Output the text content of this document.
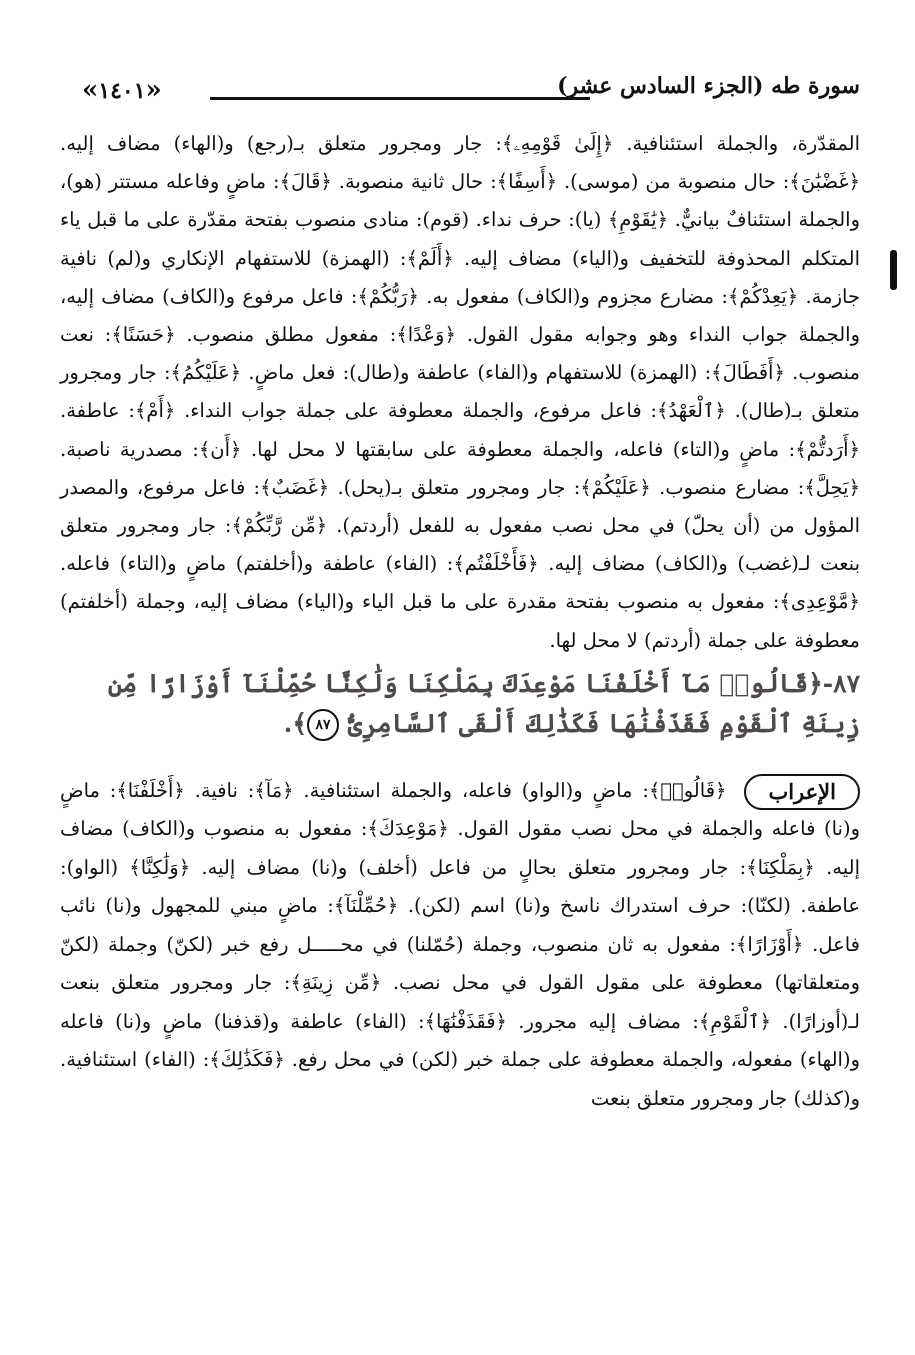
سورة طه (الجزء السادس عشر)
«١٤٠١»

المقدّرة، والجملة استئنافية. ﴿إِلَىٰ قَوْمِهِۦ﴾: جار ومجرور متعلق بـ(رجع) و(الهاء) مضاف إليه. ﴿غَضْبَٰنَ﴾: حال منصوبة من (موسى). ﴿أَسِفًا﴾: حال ثانية منصوبة. ﴿قَالَ﴾: ماضٍ وفاعله مستتر (هو)، والجملة استئنافٌ بيانيٌّ. ﴿يَٰقَوْمِ﴾ (يا): حرف نداء. (قوم): منادى منصوب بفتحة مقدّرة على ما قبل ياء المتكلم المحذوفة للتخفيف و(الياء) مضاف إليه. ﴿أَلَمْ﴾: (الهمزة) للاستفهام الإنكاري و(لم) نافية جازمة. ﴿يَعِدْكُمْ﴾: مضارع مجزوم و(الكاف) مفعول به. ﴿رَبُّكُمْ﴾: فاعل مرفوع و(الكاف) مضاف إليه، والجملة جواب النداء وهو وجوابه مقول القول. ﴿وَعْدًا﴾: مفعول مطلق منصوب. ﴿حَسَنًا﴾: نعت منصوب. ﴿أَفَطَالَ﴾: (الهمزة) للاستفهام و(الفاء) عاطفة و(طال): فعل ماضٍ. ﴿عَلَيْكُمُ﴾: جار ومجرور متعلق بـ(طال). ﴿ٱلْعَهْدُ﴾: فاعل مرفوع، والجملة معطوفة على جملة جواب النداء. ﴿أَمْ﴾: عاطفة. ﴿أَرَدتُّمْ﴾: ماضٍ و(التاء) فاعله، والجملة معطوفة على سابقتها لا محل لها. ﴿أَن﴾: مصدرية ناصبة. ﴿يَحِلَّ﴾: مضارع منصوب. ﴿عَلَيْكُمْ﴾: جار ومجرور متعلق بـ(يحل). ﴿غَضَبٌ﴾: فاعل مرفوع، والمصدر المؤول من (أن يحلّ) في محل نصب مفعول به للفعل (أردتم). ﴿مِّن رَّبِّكُمْ﴾: جار ومجرور متعلق بنعت لـ(غضب) و(الكاف) مضاف إليه. ﴿فَأَخْلَفْتُم﴾: (الفاء) عاطفة و(أخلفتم) ماضٍ و(التاء) فاعله. ﴿مَّوْعِدِى﴾: مفعول به منصوب بفتحة مقدرة على ما قبل الياء و(الياء) مضاف إليه، وجملة (أخلفتم) معطوفة على جملة (أردتم) لا محل لها.

٨٧-﴿قَالُوا۟ مَآ أَخْلَفْنَا مَوْعِدَكَ بِمَلْكِنَا وَلَٰكِنَّا حُمِّلْنَآ أَوْزَارًا مِّن زِينَةِ ٱلْقَوْمِ فَقَذَفْنَٰهَا فَكَذَٰلِكَ أَلْقَى ٱلسَّامِرِىُّ ٨٧﴾.
الإعراب
﴿قَالُوا۟﴾: ماضٍ و(الواو) فاعله، والجملة استئنافية. ﴿مَآ﴾: نافية. ﴿أَخْلَفْنَا﴾: ماضٍ و(نا) فاعله والجملة في محل نصب مقول القول. ﴿مَوْعِدَكَ﴾: مفعول به منصوب و(الكاف) مضاف إليه. ﴿بِمَلْكِنَا﴾: جار ومجرور متعلق بحالٍ من فاعل (أخلف) و(نا) مضاف إليه. ﴿وَلَٰكِنَّا﴾ (الواو): عاطفة. (لكنّا): حرف استدراك ناسخ و(نا) اسم (لكن). ﴿حُمِّلْنَآ﴾: ماضٍ مبني للمجهول و(نا) نائب فاعل. ﴿أَوْزَارًا﴾: مفعول به ثان منصوب، وجملة (حُمّلنا) في محـــــل رفع خبر (لكنّ) وجملة (لكنّ ومتعلقاتها) معطوفة على مقول القول في محل نصب. ﴿مِّن زِينَةِ﴾: جار ومجرور متعلق بنعت لـ(أوزارًا). ﴿ٱلْقَوْمِ﴾: مضاف إليه مجرور. ﴿فَقَذَفْنَٰهَا﴾: (الفاء) عاطفة و(قذفنا) ماضٍ و(نا) فاعله و(الهاء) مفعوله، والجملة معطوفة على جملة خبر (لكن) في محل رفع. ﴿فَكَذَٰلِكَ﴾: (الفاء) استئنافية. و(كذلك) جار ومجرور متعلق بنعت
